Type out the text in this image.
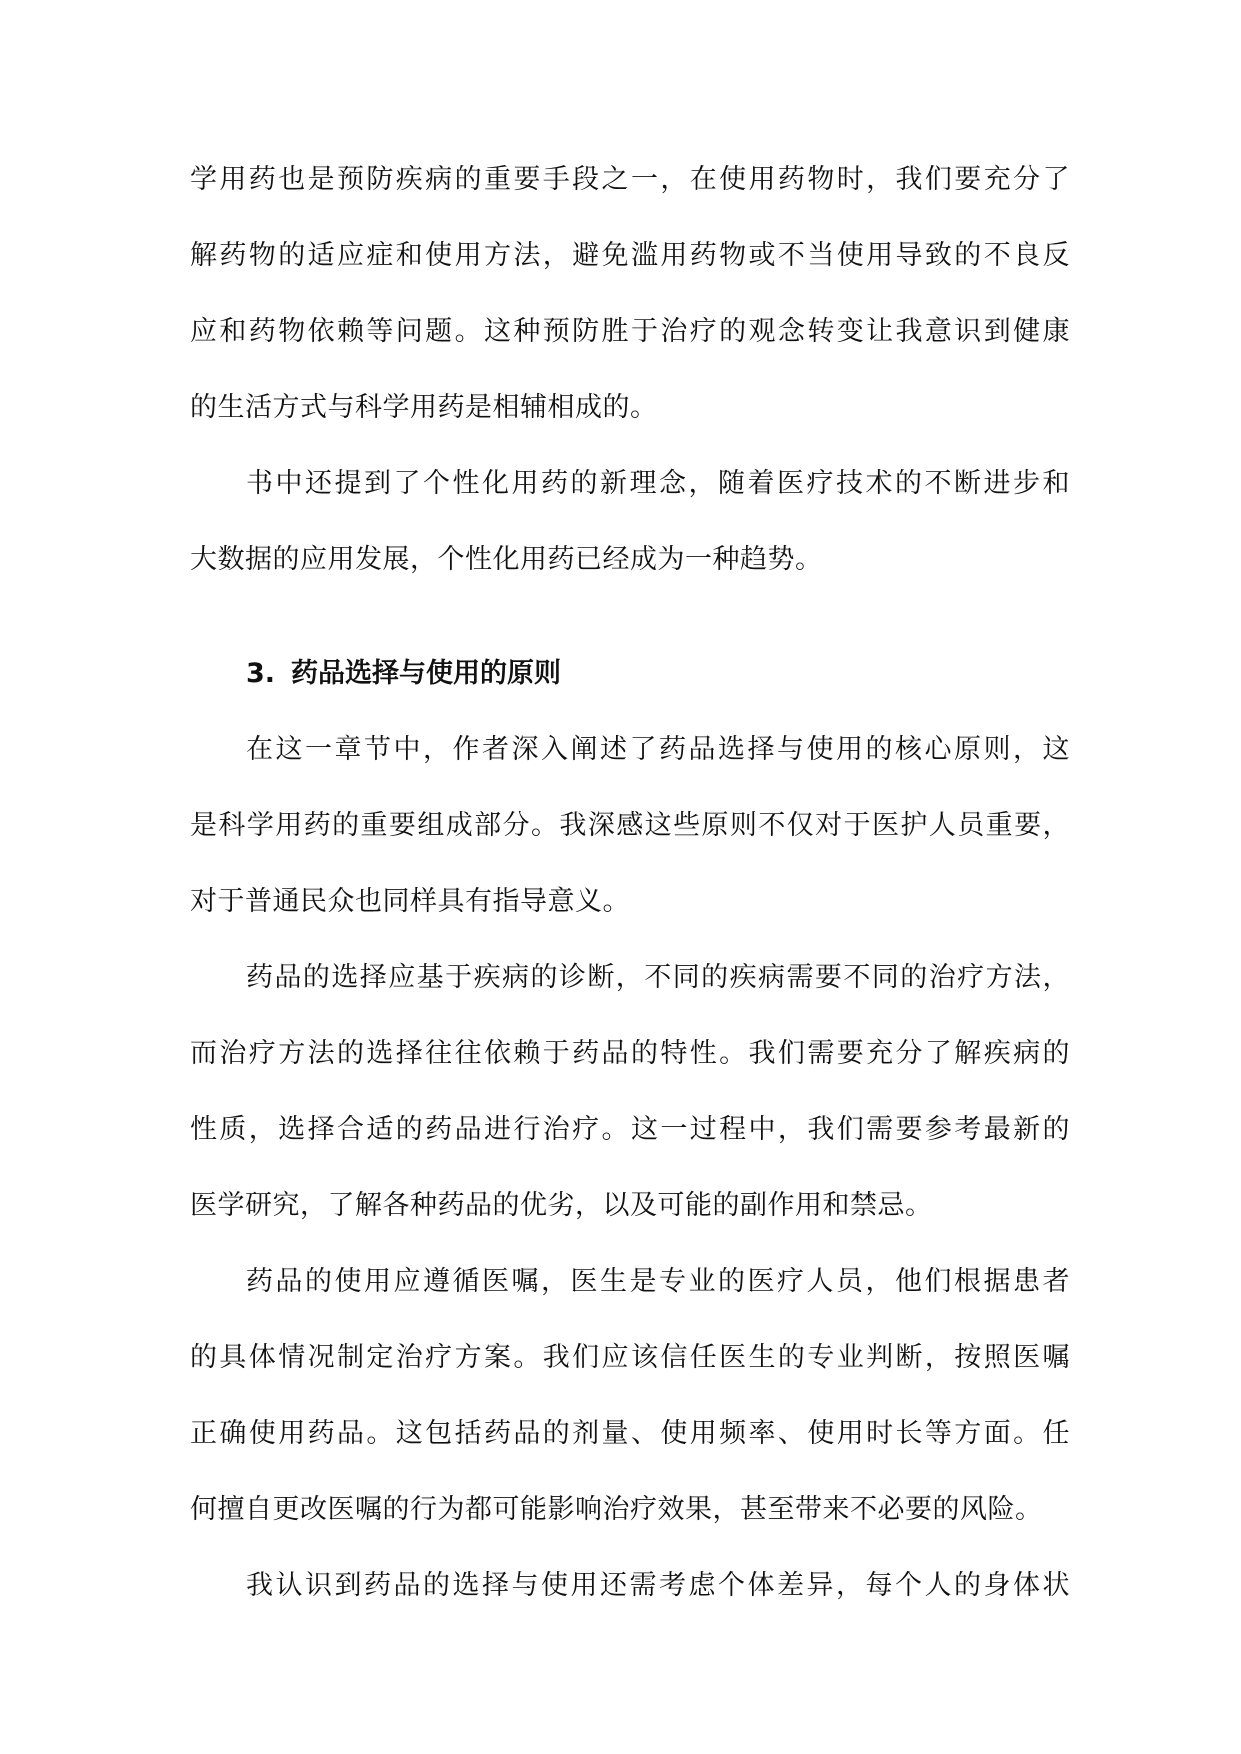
学用药也是预防疾病的重要手段之一，在使用药物时，我们要充分了
解药物的适应症和使用方法，避免滥用药物或不当使用导致的不良反
应和药物依赖等问题。这种预防胜于治疗的观念转变让我意识到健康
的生活方式与科学用药是相辅相成的。
书中还提到了个性化用药的新理念，随着医疗技术的不断进步和
大数据的应用发展，个性化用药已经成为一种趋势。
3. 药品选择与使用的原则
在这一章节中，作者深入阐述了药品选择与使用的核心原则，这
是科学用药的重要组成部分。我深感这些原则不仅对于医护人员重要，
对于普通民众也同样具有指导意义。
药品的选择应基于疾病的诊断，不同的疾病需要不同的治疗方法，
而治疗方法的选择往往依赖于药品的特性。我们需要充分了解疾病的
性质，选择合适的药品进行治疗。这一过程中，我们需要参考最新的
医学研究，了解各种药品的优劣，以及可能的副作用和禁忌。
药品的使用应遵循医嘱，医生是专业的医疗人员，他们根据患者
的具体情况制定治疗方案。我们应该信任医生的专业判断，按照医嘱
正确使用药品。这包括药品的剂量、使用频率、使用时长等方面。任
何擅自更改医嘱的行为都可能影响治疗效果，甚至带来不必要的风险。
我认识到药品的选择与使用还需考虑个体差异，每个人的身体状
